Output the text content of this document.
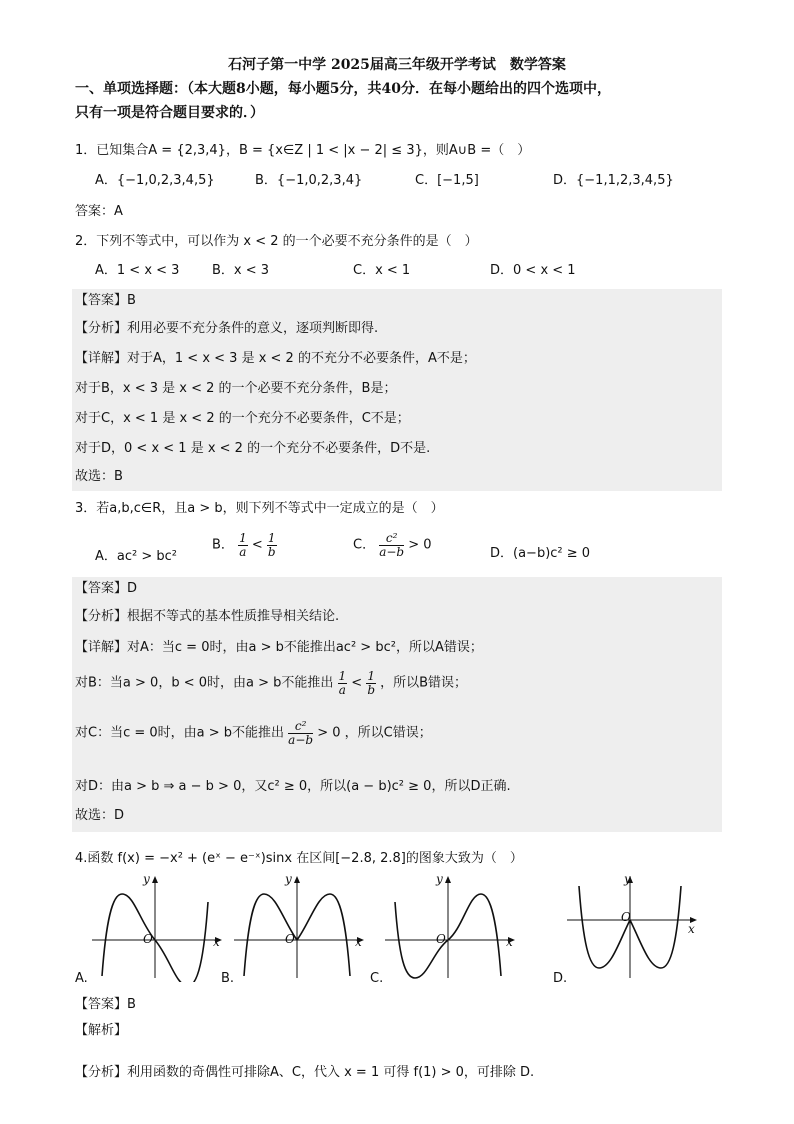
石河子第一中学 2025届高三年级开学考试　数学答案
一、单项选择题：（本大题8小题，每小题5分，共40分．在每小题给出的四个选项中，
只有一项是符合题目要求的．）
1．已知集合A = {2,3,4}，B = {x∈Z | 1 < |x − 2| ≤ 3}，则A∪B =（　）
A．{−1,0,2,3,4,5}	B．{−1,0,2,3,4}	C．[−1,5]	D．{−1,1,2,3,4,5}
答案：A
2．下列不等式中，可以作为 x < 2 的一个必要不充分条件的是（　）
A．1 < x < 3	B．x < 3	C．x < 1	D．0 < x < 1
【答案】B
【分析】利用必要不充分条件的意义，逐项判断即得.
【详解】对于A，1 < x < 3 是 x < 2 的不充分不必要条件，A不是；
对于B，x < 3 是 x < 2 的一个必要不充分条件，B是；
对于C，x < 1 是 x < 2 的一个充分不必要条件，C不是；
对于D，0 < x < 1 是 x < 2 的一个充分不必要条件，D不是.
故选：B
3．若a,b,c∈R，且a > b，则下列不等式中一定成立的是（　）
A．ac² > bc²
B． $\frac{1}{a} < \frac{1}{b}$	C． $\frac{\text{c²}}{a-b} > 0$
D．(a−b)c² ≥ 0
【答案】D
【分析】根据不等式的基本性质推导相关结论.
【详解】对A：当c = 0时，由a > b不能推出ac² > bc²，所以A错误；
对B：当a > 0，b < 0时，由a > b不能推出 $\frac{1}{a} < \frac{1}{b}$ ，所以B错误；
对C：当c = 0时，由a > b不能推出 $\frac{\text{c²}}{a-b} > 0$ ，所以C错误；
对D：由a > b ⇒ a − b > 0，又c² ≥ 0，所以(a − b)c² ≥ 0，所以D正确.
故选：D
4.函数 f(x) = −x² + (eˣ − e⁻ˣ)sinx 在区间[−2.8, 2.8]的图象大致为（　）
y
x
O
y
x
O
y
x
O
y
x
O
A.	B.	C.	D.
【答案】B
【解析】
【分析】利用函数的奇偶性可排除A、C，代入 x = 1 可得 f(1) > 0，可排除 D.
